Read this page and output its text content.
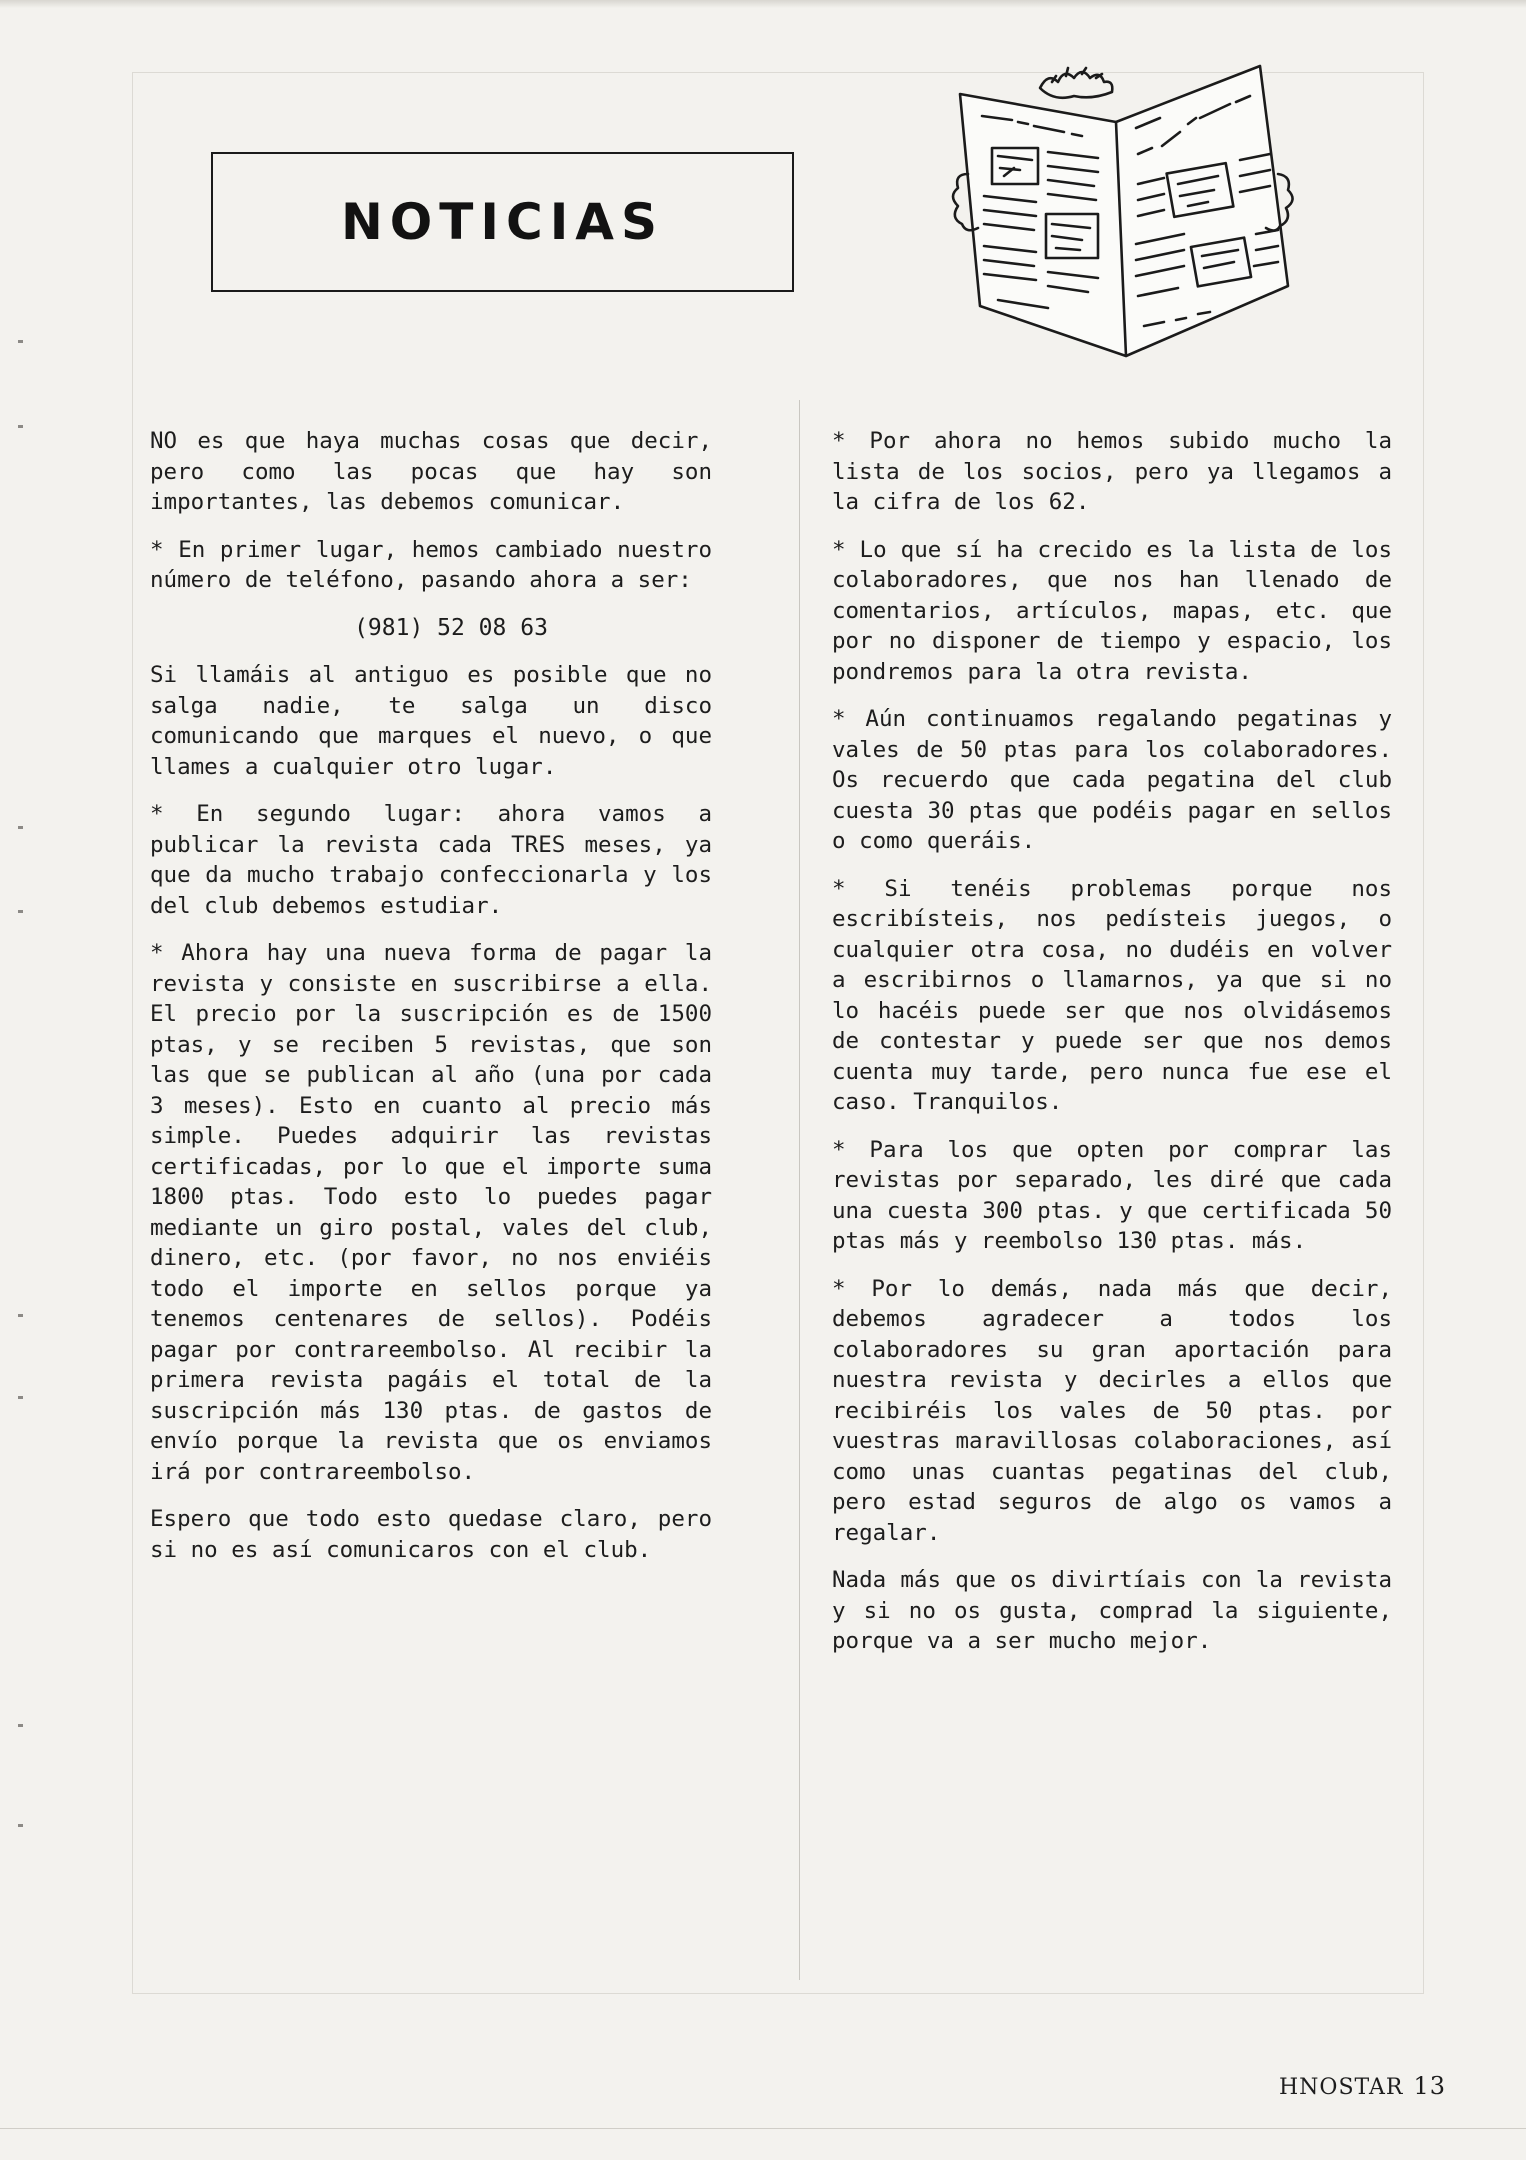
NOTICIAS

NO es que haya muchas cosas que decir, pero como las pocas que hay son importantes, las debemos comunicar.

* En primer lugar, hemos cambiado nuestro número de teléfono, pasando ahora a ser:

(981) 52 08 63

Si llamáis al antiguo es posible que no salga nadie, te salga un disco comunicando que marques el nuevo, o que llames a cualquier otro lugar.

* En segundo lugar: ahora vamos a publicar la revista cada TRES meses, ya que da mucho trabajo confeccionarla y los del club debemos estudiar.

* Ahora hay una nueva forma de pagar la revista y consiste en suscribirse a ella. El precio por la suscripción es de 1500 ptas, y se reciben 5 revistas, que son las que se publican al año (una por cada 3 meses). Esto en cuanto al precio más simple. Puedes adquirir las revistas certificadas, por lo que el importe suma 1800 ptas. Todo esto lo puedes pagar mediante un giro postal, vales del club, dinero, etc. (por favor, no nos enviéis todo el importe en sellos porque ya tenemos centenares de sellos). Podéis pagar por contrareembolso. Al recibir la primera revista pagáis el total de la suscripción más 130 ptas. de gastos de envío porque la revista que os enviamos irá por contrareembolso.

Espero que todo esto quedase claro, pero si no es así comunicaros con el club.

* Por ahora no hemos subido mucho la lista de los socios, pero ya llegamos a la cifra de los 62.

* Lo que sí ha crecido es la lista de los colaboradores, que nos han llenado de comentarios, artículos, mapas, etc. que por no disponer de tiempo y espacio, los pondremos para la otra revista.

* Aún continuamos regalando pegatinas y vales de 50 ptas para los colaboradores. Os recuerdo que cada pegatina del club cuesta 30 ptas que podéis pagar en sellos o como queráis.

* Si tenéis problemas porque nos escribísteis, nos pedísteis juegos, o cualquier otra cosa, no dudéis en volver a escribirnos o llamarnos, ya que si no lo hacéis puede ser que nos olvidásemos de contestar y puede ser que nos demos cuenta muy tarde, pero nunca fue ese el caso. Tranquilos.

* Para los que opten por comprar las revistas por separado, les diré que cada una cuesta 300 ptas. y que certificada 50 ptas más y reembolso 130 ptas. más.

* Por lo demás, nada más que decir, debemos agradecer a todos los colaboradores su gran aportación para nuestra revista y decirles a ellos que recibiréis los vales de 50 ptas. por vuestras maravillosas colaboraciones, así como unas cuantas pegatinas del club, pero estad seguros de algo os vamos a regalar.

Nada más que os divirtíais con la revista y si no os gusta, comprad la siguiente, porque va a ser mucho mejor.

HNOSTAR 13
